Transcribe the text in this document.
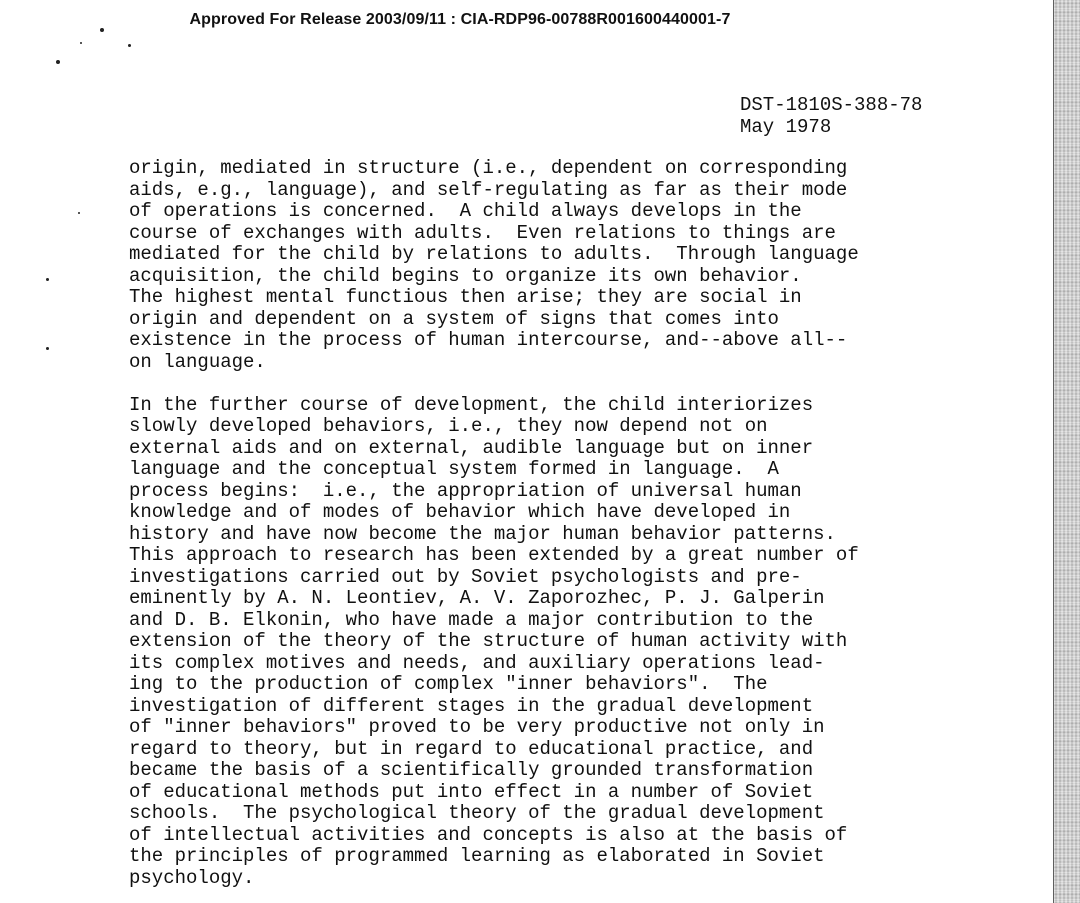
Approved For Release 2003/09/11 : CIA-RDP96-00788R001600440001-7
DST-1810S-388-78
May 1978
origin, mediated in structure (i.e., dependent on corresponding
aids, e.g., language), and self-regulating as far as their mode
of operations is concerned.  A child always develops in the
course of exchanges with adults.  Even relations to things are
mediated for the child by relations to adults.  Through language
acquisition, the child begins to organize its own behavior.
The highest mental functious then arise; they are social in
origin and dependent on a system of signs that comes into
existence in the process of human intercourse, and--above all--
on language.
In the further course of development, the child interiorizes
slowly developed behaviors, i.e., they now depend not on
external aids and on external, audible language but on inner
language and the conceptual system formed in language.  A
process begins:  i.e., the appropriation of universal human
knowledge and of modes of behavior which have developed in
history and have now become the major human behavior patterns.
This approach to research has been extended by a great number of
investigations carried out by Soviet psychologists and pre-
eminently by A. N. Leontiev, A. V. Zaporozhec, P. J. Galperin
and D. B. Elkonin, who have made a major contribution to the
extension of the theory of the structure of human activity with
its complex motives and needs, and auxiliary operations lead-
ing to the production of complex "inner behaviors".  The
investigation of different stages in the gradual development
of "inner behaviors" proved to be very productive not only in
regard to theory, but in regard to educational practice, and
became the basis of a scientifically grounded transformation
of educational methods put into effect in a number of Soviet
schools.  The psychological theory of the gradual development
of intellectual activities and concepts is also at the basis of
the principles of programmed learning as elaborated in Soviet
psychology.
